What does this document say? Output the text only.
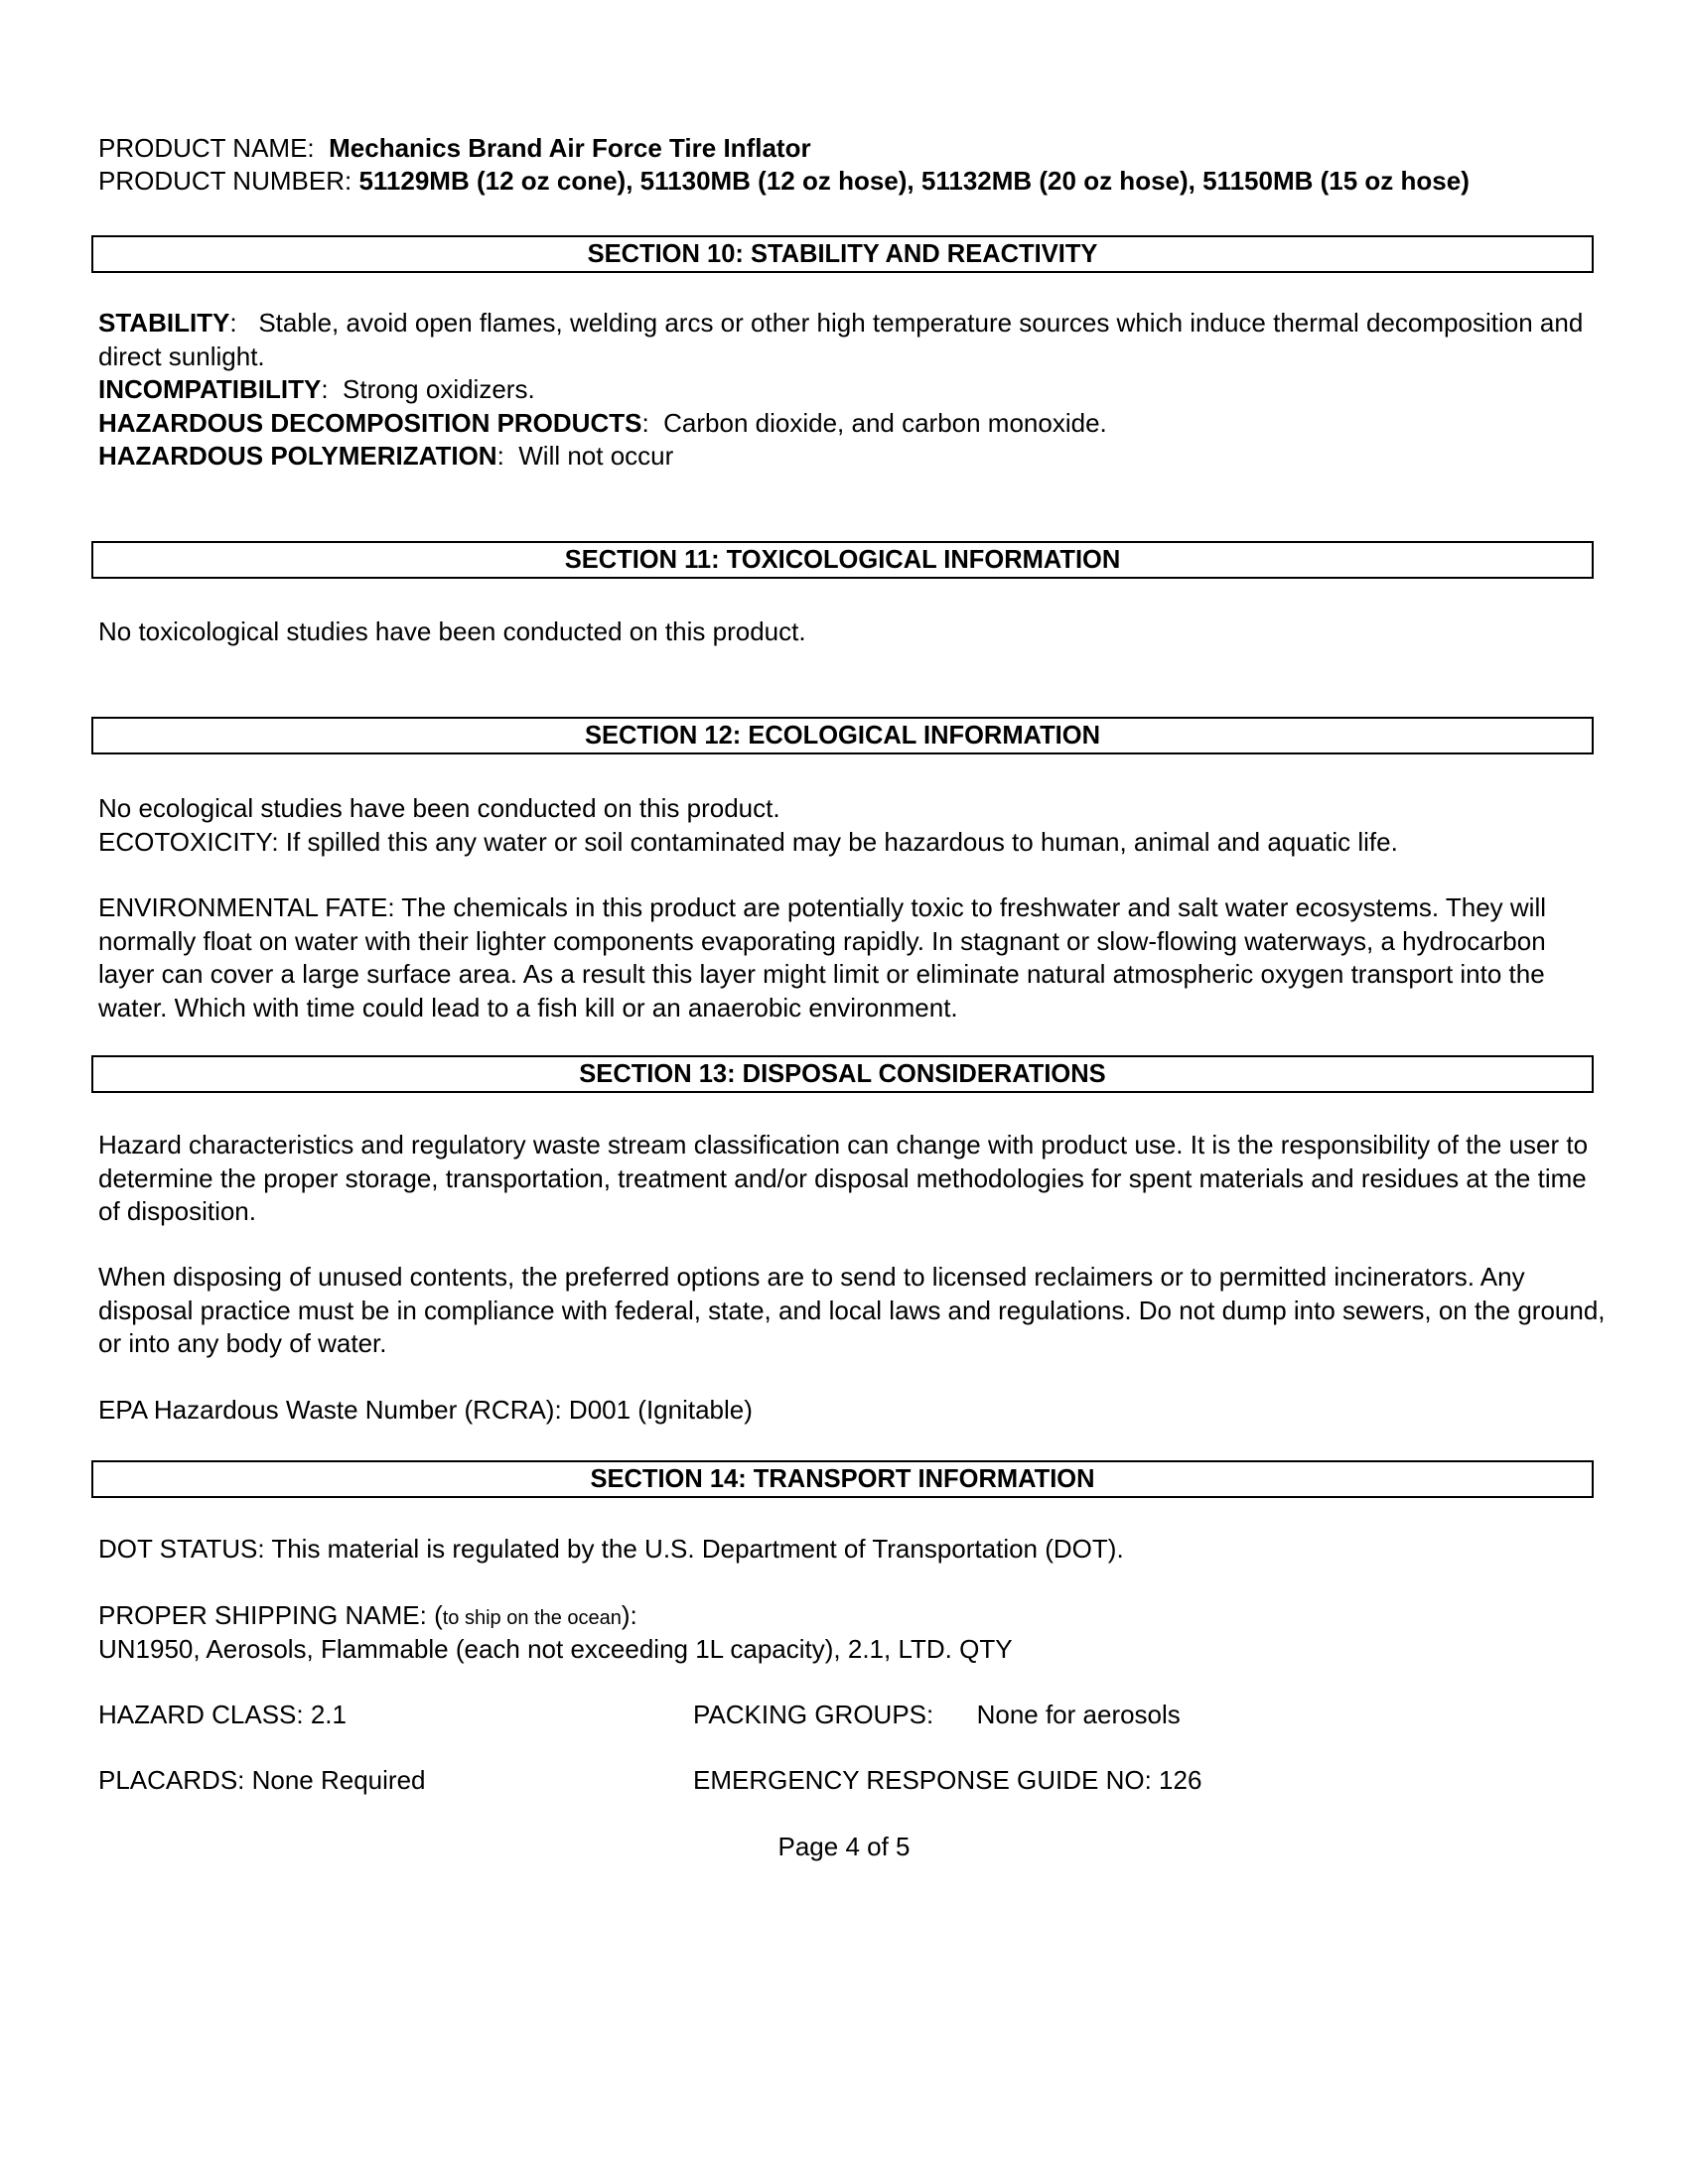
PRODUCT NAME: Mechanics Brand Air Force Tire Inflator
PRODUCT NUMBER: 51129MB (12 oz cone), 51130MB (12 oz hose), 51132MB (20 oz hose), 51150MB (15 oz hose)
SECTION 10: STABILITY AND REACTIVITY

STABILITY:   Stable, avoid open flames, welding arcs or other high temperature sources which induce thermal decomposition and direct sunlight.

INCOMPATIBILITY:  Strong oxidizers.

HAZARDOUS DECOMPOSITION PRODUCTS:  Carbon dioxide, and carbon monoxide.

HAZARDOUS POLYMERIZATION:  Will not occur

SECTION 11: TOXICOLOGICAL INFORMATION
No toxicological studies have been conducted on this product.
SECTION 12: ECOLOGICAL INFORMATION
No ecological studies have been conducted on this product.
ECOTOXICITY: If spilled this any water or soil contaminated may be hazardous to human, animal and aquatic life.
ENVIRONMENTAL FATE: The chemicals in this product are potentially toxic to freshwater and salt water ecosystems. They will normally float on water with their lighter components evaporating rapidly. In stagnant or slow-flowing waterways, a hydrocarbon layer can cover a large surface area. As a result this layer might limit or eliminate natural atmospheric oxygen transport into the water. Which with time could lead to a fish kill or an anaerobic environment.
SECTION 13: DISPOSAL CONSIDERATIONS
Hazard characteristics and regulatory waste stream classification can change with product use. It is the responsibility of the user to determine the proper storage, transportation, treatment and/or disposal methodologies for spent materials and residues at the time of disposition.
When disposing of unused contents, the preferred options are to send to licensed reclaimers or to permitted incinerators. Any disposal practice must be in compliance with federal, state, and local laws and regulations. Do not dump into sewers, on the ground, or into any body of water.
EPA Hazardous Waste Number (RCRA): D001 (Ignitable)
SECTION 14: TRANSPORT INFORMATION
DOT STATUS: This material is regulated by the U.S. Department of Transportation (DOT).
PROPER SHIPPING NAME: (to ship on the ocean):
UN1950, Aerosols, Flammable (each not exceeding 1L capacity), 2.1, LTD. QTY
HAZARD CLASS: 2.1	PACKING GROUPS: None for aerosols
PLACARDS: None Required	EMERGENCY RESPONSE GUIDE NO: 126
Page 4 of 5
